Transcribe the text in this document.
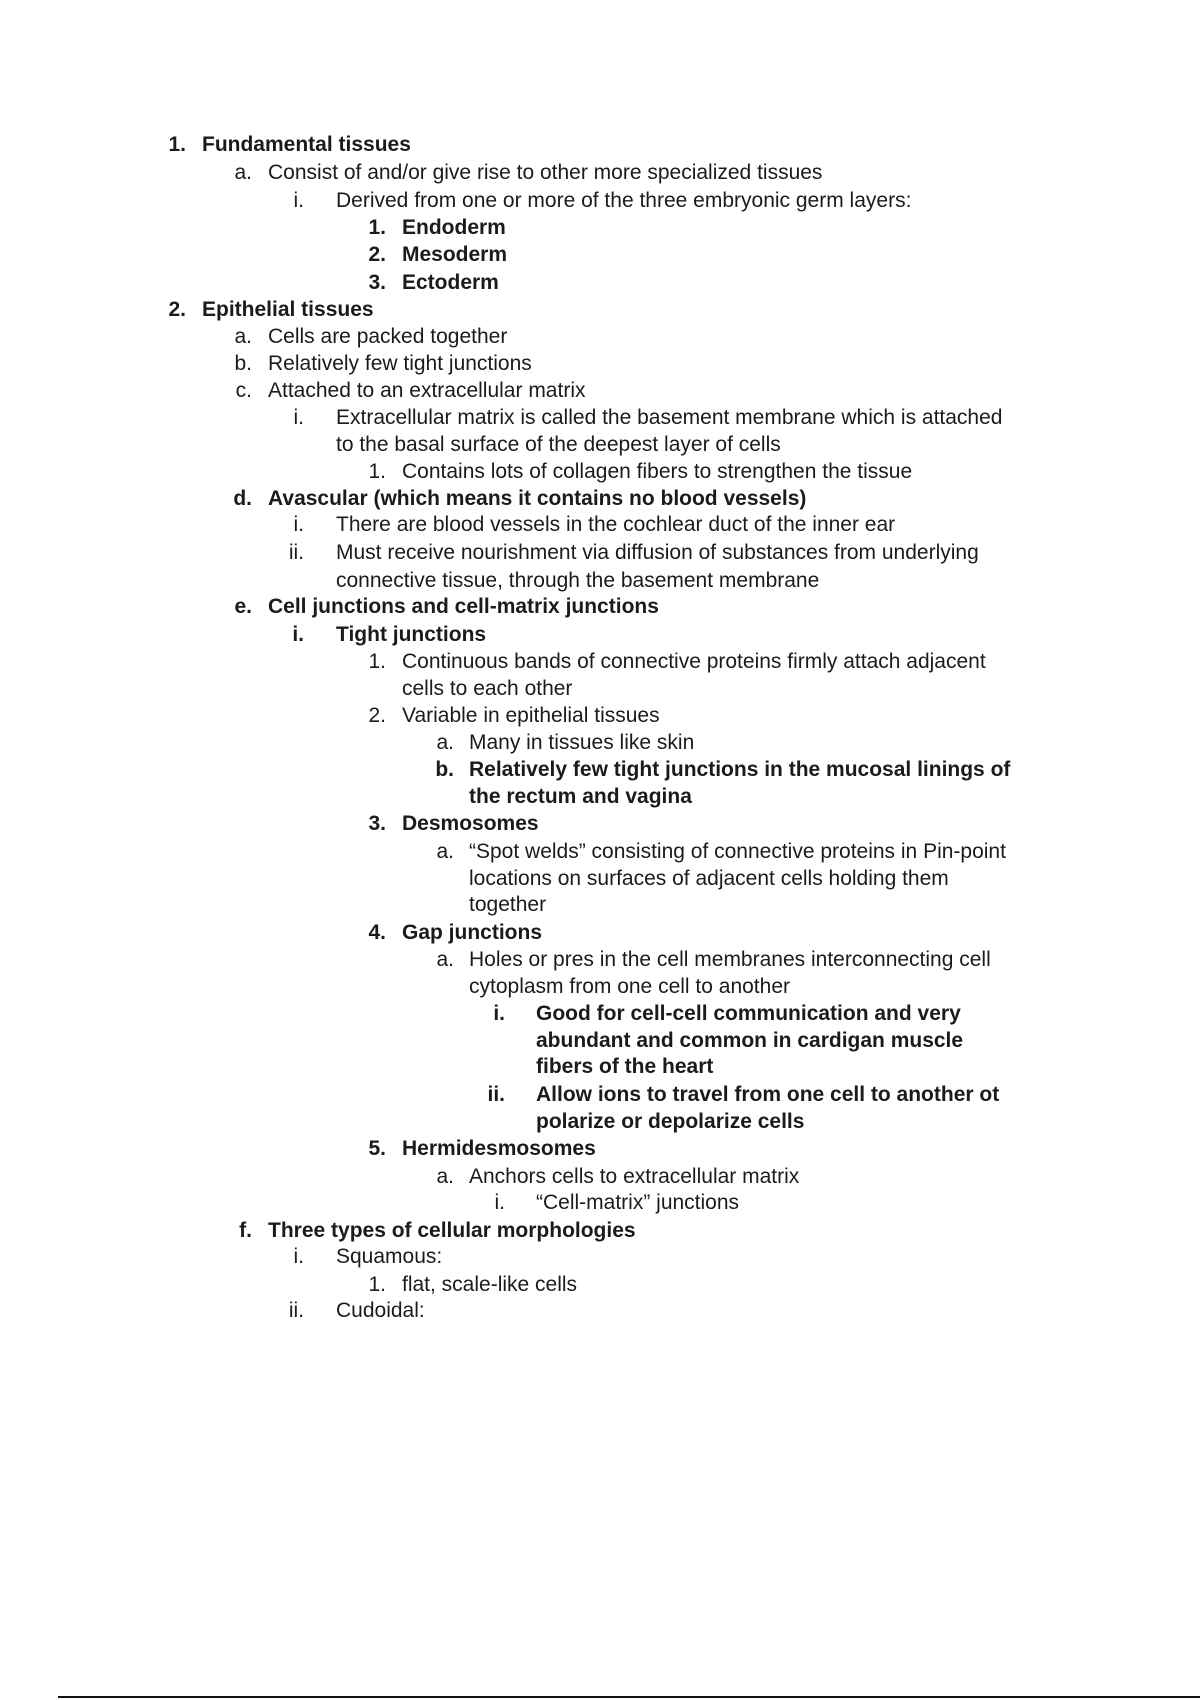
1. Fundamental tissues
a. Consist of and/or give rise to other more specialized tissues
i. Derived from one or more of the three embryonic germ layers:
1. Endoderm
2. Mesoderm
3. Ectoderm
2. Epithelial tissues
a. Cells are packed together
b. Relatively few tight junctions
c. Attached to an extracellular matrix
i. Extracellular matrix is called the basement membrane which is attached
to the basal surface of the deepest layer of cells
1. Contains lots of collagen fibers to strengthen the tissue
d. Avascular (which means it contains no blood vessels)
i. There are blood vessels in the cochlear duct of the inner ear
ii. Must receive nourishment via diffusion of substances from underlying
connective tissue, through the basement membrane
e. Cell junctions and cell-matrix junctions
i. Tight junctions
1. Continuous bands of connective proteins firmly attach adjacent
cells to each other
2. Variable in epithelial tissues
a. Many in tissues like skin
b. Relatively few tight junctions in the mucosal linings of
the rectum and vagina
3. Desmosomes
a. “Spot welds” consisting of connective proteins in Pin-point
locations on surfaces of adjacent cells holding them
together
4. Gap junctions
a. Holes or pres in the cell membranes interconnecting cell
cytoplasm from one cell to another
i. Good for cell-cell communication and very
abundant and common in cardigan muscle
fibers of the heart
ii. Allow ions to travel from one cell to another ot
polarize or depolarize cells
5. Hermidesmosomes
a. Anchors cells to extracellular matrix
i. “Cell-matrix” junctions
f. Three types of cellular morphologies
i. Squamous:
1. flat, scale-like cells
ii. Cudoidal:
